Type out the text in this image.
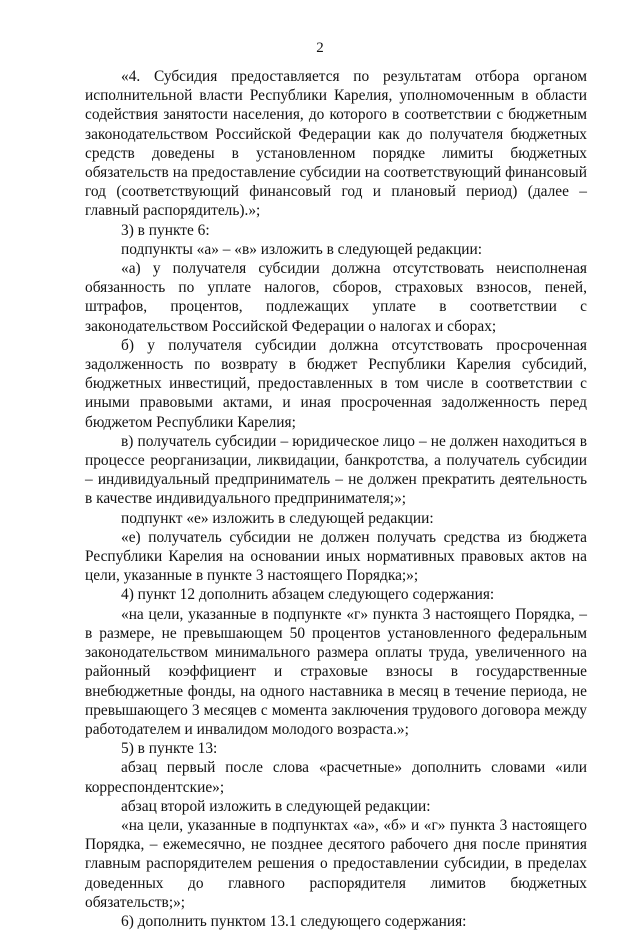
2

«4. Субсидия предоставляется по результатам отбора органом исполнительной власти Республики Карелия, уполномоченным в области содействия занятости населения, до которого в соответствии с бюджетным законодательством Российской Федерации как до получателя бюджетных средств доведены в установленном порядке лимиты бюджетных обязательств на предоставление субсидии на соответствующий финансовый год (соответствующий финансовый год и плановый период) (далее – главный распорядитель).»;

3) в пункте 6:

подпункты «а» – «в» изложить в следующей редакции:

«а) у получателя субсидии должна отсутствовать неисполненая обязанность по уплате налогов, сборов, страховых взносов, пеней, штрафов, процентов, подлежащих уплате в соответствии с законодательством Российской Федерации о налогах и сборах;

б) у получателя субсидии должна отсутствовать просроченная задолженность по возврату в бюджет Республики Карелия субсидий, бюджетных инвестиций, предоставленных в том числе в соответствии с иными правовыми актами, и иная просроченная задолженность перед бюджетом Республики Карелия;

в) получатель субсидии – юридическое лицо – не должен находиться в процессе реорганизации, ликвидации, банкротства, а получатель субсидии – индивидуальный предприниматель – не должен прекратить деятельность в качестве индивидуального предпринимателя;»;

подпункт «е» изложить в следующей редакции:

«е) получатель субсидии не должен получать средства из бюджета Республики Карелия на основании иных нормативных правовых актов на цели, указанные в пункте 3 настоящего Порядка;»;

4) пункт 12 дополнить абзацем следующего содержания:

«на цели, указанные в подпункте «г» пункта 3 настоящего Порядка, – в размере, не превышающем 50 процентов установленного федеральным законодательством минимального размера оплаты труда, увеличенного на районный коэффициент и страховые взносы в государственные внебюджетные фонды, на одного наставника в месяц в течение периода, не превышающего 3 месяцев с момента заключения трудового договора между работодателем и инвалидом молодого возраста.»;

5) в пункте 13:

абзац первый после слова «расчетные» дополнить словами «или корреспондентские»;

абзац второй изложить в следующей редакции:

«на цели, указанные в подпунктах «а», «б» и «г» пункта 3 настоящего Порядка, – ежемесячно, не позднее десятого рабочего дня после принятия главным распорядителем решения о предоставлении субсидии, в пределах доведенных до главного распорядителя лимитов бюджетных обязательств;»;

6) дополнить пунктом 13.1 следующего содержания:
